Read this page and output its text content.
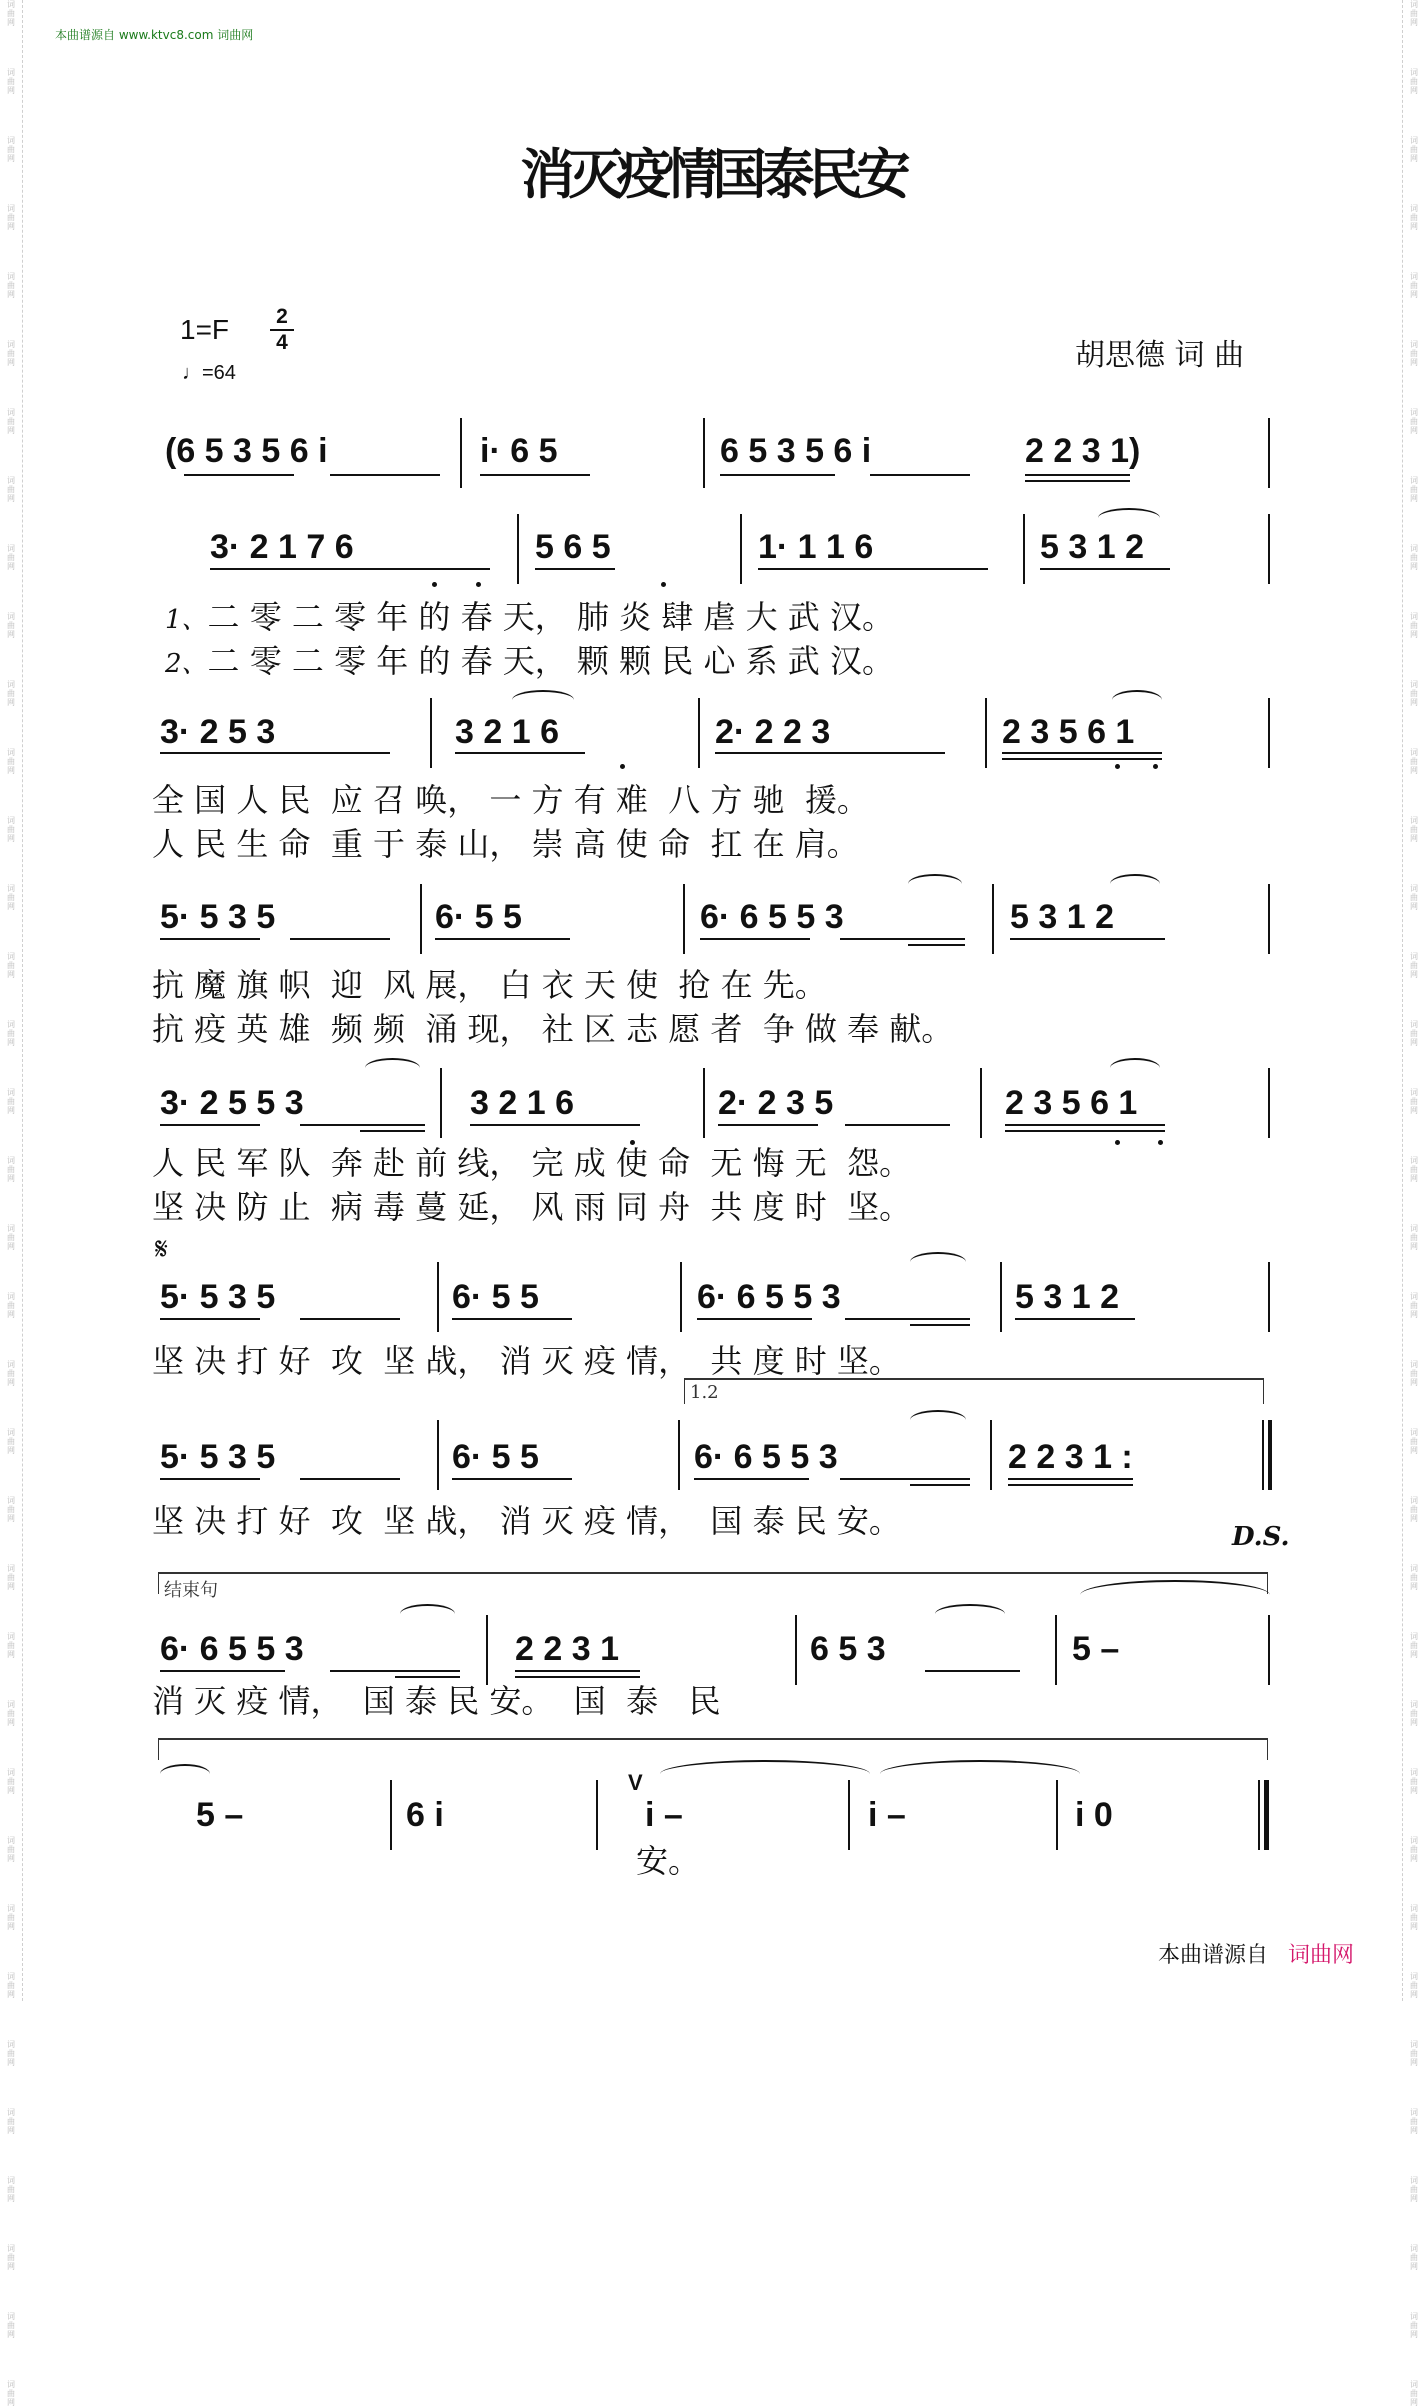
词
曲
网
词
曲
网
词
曲
网
词
曲
网
词
曲
网
词
曲
网
词
曲
网
词
曲
网
词
曲
网
词
曲
网
词
曲
网
词
曲
网
词
曲
网
词
曲
网
词
曲
网
词
曲
网
词
曲
网
词
曲
网
词
曲
网
词
曲
网
词
曲
网
词
曲
网
词
曲
网
词
曲
网
词
曲
网
词
曲
网
词
曲
网
词
曲
网
词
曲
网
词
曲
网
词
曲
网
词
曲
网
词
曲
网
词
曲
网
词
曲
网
词
曲
网
词
曲
网
词
曲
网
词
曲
网
词
曲
网
词
曲
网
词
曲
网
词
曲
网
词
曲
网
词
曲
网
词
曲
网
词
曲
网
词
曲
网
词
曲
网
词
曲
网
词
曲
网
词
曲
网
词
曲
网
词
曲
网
词
曲
网
词
曲
网
词
曲
网
词
曲
网
词
曲
网
词
曲
网
词
曲
网
词
曲
网
词
曲
网
词
曲
网
词
曲
网
词
曲
网
词
曲
网
词
曲
网
词
曲
网
词
曲
网
词
曲
网
词
曲
网
本曲谱源自 www.ktvc8.com 词曲网
消灭疫情国泰民安
1=F 2
4
♩=64	胡思德 词 曲
(6 5 3 5 6 i	i· 6 5	6 5 3 5 6 i	2 2 3 1)
3· 2 1 7 6	5 6 5	1· 1 1 6	5 3 1 2
1、二 零 二 零 年 的 春 天， 肺 炎 肆 虐 大 武 汉。
2、二 零 二 零 年 的 春 天， 颗 颗 民 心 系 武 汉。
3· 2 5 3	3 2 1 6	2· 2 2 3	2 3 5 6 1
全 国 人 民  应 召 唤， 一 方 有 难  八 方 驰  援。
人 民 生 命  重 于 泰 山， 崇 高 使 命  扛 在 肩。
5· 5 3 5	6· 5 5	6· 6 5 5 3	5 3 1 2
抗 魔 旗 帜  迎  风 展， 白 衣 天 使  抢 在 先。
抗 疫 英 雄  频 频  涌 现， 社 区 志 愿 者  争 做 奉 献。
3· 2 5 5 3	3 2 1 6	2· 2 3 5	2 3 5 6 1
人 民 军 队  奔 赴 前 线， 完 成 使 命  无 悔 无  怨。
坚 决 防 止  病 毒 蔓 延， 风 雨 同 舟  共 度 时  坚。
𝄋
5· 5 3 5	6· 5 5	6· 6 5 5 3	5 3 1 2
坚 决 打 好  攻  坚 战， 消 灭 疫 情，  共 度 时 坚。
1.2
5· 5 3 5	6· 5 5	6· 6 5 5 3	2 2 3 1 :
坚 决 打 好  攻  坚 战， 消 灭 疫 情，  国 泰 民 安。	D.S.
结束句
6· 6 5 5 3	2 2 3 1	6 5 3	5 –
消 灭 疫 情，  国 泰 民 安。  国  泰   民
5 –	6 i	i –	i –	i 0
V
安。
本曲谱源自 词曲网
